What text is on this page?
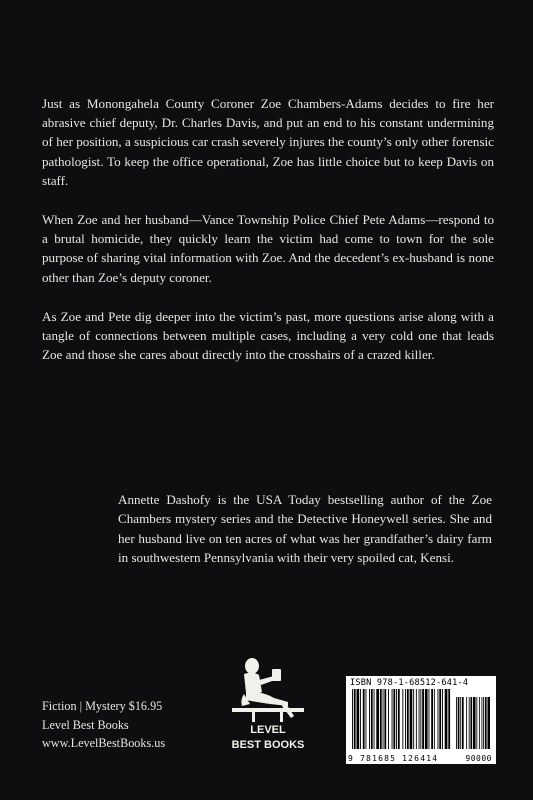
Just as Monongahela County Coroner Zoe Chambers-Adams decides to fire her abrasive chief deputy, Dr. Charles Davis, and put an end to his constant undermining of her position, a suspicious car crash severely injures the county’s only other forensic pathologist. To keep the office operational, Zoe has little choice but to keep Davis on staff.

When Zoe and her husband—Vance Township Police Chief Pete Adams—respond to a brutal homicide, they quickly learn the victim had come to town for the sole purpose of sharing vital information with Zoe. And the decedent’s ex-husband is none other than Zoe’s deputy coroner.

As Zoe and Pete dig deeper into the victim’s past, more questions arise along with a tangle of connections between multiple cases, including a very cold one that leads Zoe and those she cares about directly into the crosshairs of a crazed killer.

Annette Dashofy is the USA Today bestselling author of the Zoe Chambers mystery series and the Detective Honeywell series. She and her husband live on ten acres of what was her grandfather’s dairy farm in southwestern Pennsylvania with their very spoiled cat, Kensi.
Fiction | Mystery $16.95
Level Best Books
www.LevelBestBooks.us
LEVEL
BEST BOOKS
ISBN 978-1-68512-641-4
9 781685 126414	90000
